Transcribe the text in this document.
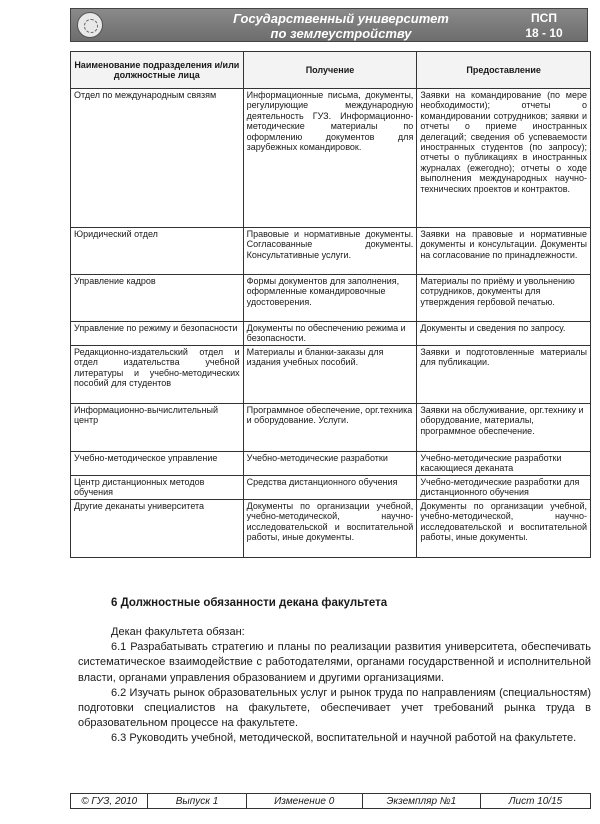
Государственный университет
по землеустройству
ПСП
18 - 10
Наименование подразделения и/или должностные лица	Получение	Предоставление
Отдел по международным связям	Информационные письма, документы, регулирующие международную деятельность ГУЗ. Информационно-методические материалы по оформлению документов для зарубежных командировок.	Заявки на командирование (по мере необходимости); отчеты о командировании сотрудников; заявки и отчеты о приеме иностранных делегаций; сведения об успеваемости иностранных студентов (по запросу); отчеты о публикациях в иностранных журналах (ежегодно); отчеты о ходе выполнения международных научно-технических проектов и контрактов.
Юридический отдел	Правовые и нормативные документы. Согласованные документы. Консультативные услуги.	Заявки на правовые и нормативные документы и консультации. Документы на согласование по принадлежности.
Управление кадров	Формы документов для заполнения, оформленные командировочные удостоверения.	Материалы по приёму и увольнению сотрудников, документы для утверждения гербовой печатью.
Управление по режиму и безопасности	Документы по обеспечению режима и безопасности.	Документы и сведения по запросу.
Редакционно-издательский отдел и отдел издательства учебной литературы и учебно-методических пособий для студентов	Материалы и бланки-заказы для издания учебных пособий.	Заявки и подготовленные материалы для публикации.
Информационно-вычислительный центр	Программное обеспечение, орг.техника и оборудование. Услуги.	Заявки на обслуживание, орг.технику и оборудование, материалы, программное обеспечение.
Учебно-методическое управление	Учебно-методические разработки	Учебно-методические разработки касающиеся деканата
Центр дистанционных методов обучения	Средства дистанционного обучения	Учебно-методические разработки для дистанционного обучения
Другие деканаты университета	Документы по организации учебной, учебно-методической, научно-исследовательской и воспитательной работы, иные документы.	Документы по организации учебной, учебно-методической, научно-исследовательской и воспитательной работы, иные документы.
6 Должностные обязанности декана факультета

Декан факультета обязан:

6.1 Разрабатывать стратегию и планы по реализации развития университета, обеспечивать систематическое взаимодействие с работодателями, органами государственной и исполнительной власти, органами управления образованием и другими организациями.

6.2 Изучать рынок образовательных услуг и рынок труда по направлениям (специальностям) подготовки специалистов на факультете, обеспечивает учет требований рынка труда в образовательном процессе на факультете.

6.3 Руководить учебной, методической, воспитательной и научной работой на факультете.

© ГУЗ, 2010	Выпуск 1	Изменение 0	Экземпляр №1	Лист 10/15
